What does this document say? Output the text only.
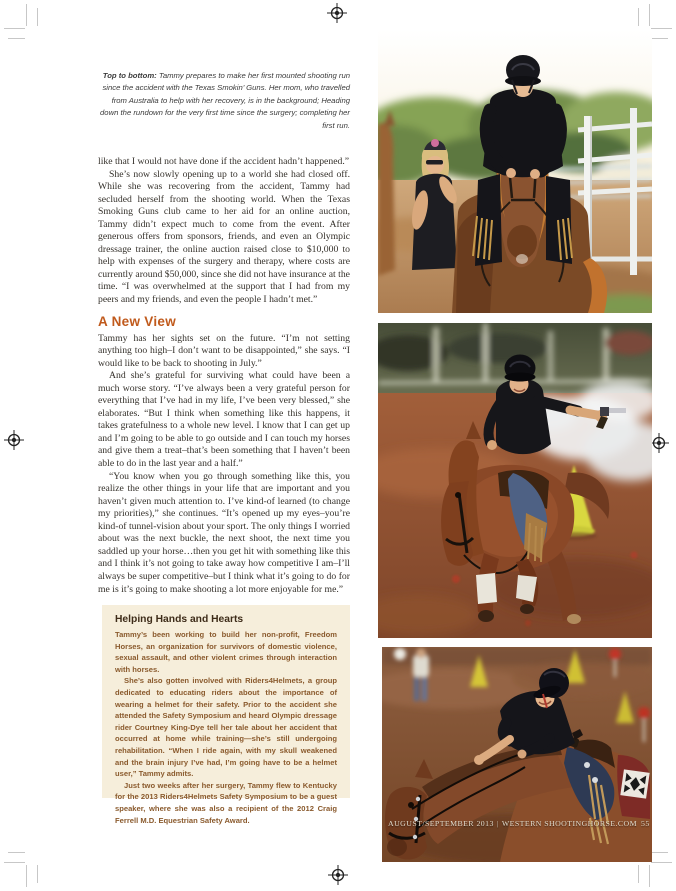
Top to bottom: Tammy prepares to make her first mounted shooting run since the accident with the Texas Smokin’ Guns. Her mom, who travelled from Australia to help with her recovery, is in the background; Heading down the rundown for the very first time since the surgery; completing her first run.

like that I would not have done if the accident hadn’t happened.”

She’s now slowly opening up to a world she had closed off. While she was recovering from the accident, Tammy had secluded herself from the shooting world. When the Texas Smoking Guns club came to her aid for an online auction, Tammy didn’t expect much to come from the event. After generous offers from sponsors, friends, and even an Olympic dressage trainer, the online auction raised close to $10,000 to help with expenses of the surgery and therapy, where costs are currently around $50,000, since she did not have insurance at the time. “I was overwhelmed at the support that I had from my peers and my friends, and even the people I hadn’t met.”

A New View

Tammy has her sights set on the future. “I’m not setting anything too high–I don’t want to be disappointed,” she says. “I would like to be back to shooting in July.”

And she’s grateful for surviving what could have been a much worse story. “I’ve always been a very grateful person for everything that I’ve had in my life, I’ve been very blessed,” she elaborates. “But I think when something like this happens, it takes gratefulness to a whole new level. I know that I can get up and I’m going to be able to go outside and I can touch my horses and give them a treat–that’s been something that I haven’t been able to do in the last year and a half.”

“You know when you go through something like this, you realize the other things in your life that are important and you haven’t given much attention to. I’ve kind-of learned (to change my priorities),” she continues. “It’s opened up my eyes–you’re kind-of tunnel-vision about your sport. The only things I worried about was the next buckle, the next shoot, the next time you saddled up your horse…then you get hit with something like this and I think it’s not going to take away how competitive I am–I’ll always be super competitive–but I think what it’s going to do for me is it’s going to make shooting a lot more enjoyable for me.”

Helping Hands and Hearts

Tammy’s been working to build her non-profit, Freedom Horses, an organization for survivors of domestic violence, sexual assault, and other violent crimes through interaction with horses.

She’s also gotten involved with Riders4Helmets, a group dedicated to educating riders about the importance of wearing a helmet for their safety. Prior to the accident she attended the Safety Symposium and heard Olympic dressage rider Courtney King-Dye tell her tale about her accident that occurred at home while training—she’s still undergoing rehabilitation. “When I ride again, with my skull weakened and the brain injury I’ve had, I’m going have to be a helmet user,” Tammy admits.

Just two weeks after her surgery, Tammy flew to Kentucky for the 2013 Riders4Helmets Safety Symposium to be a guest speaker, where she was also a recipient of the 2012 Craig Ferrell M.D. Equestrian Safety Award.	AUGUST/SEPTEMBER 2013 | WESTERN SHOOTINGHORSE.COM 55
